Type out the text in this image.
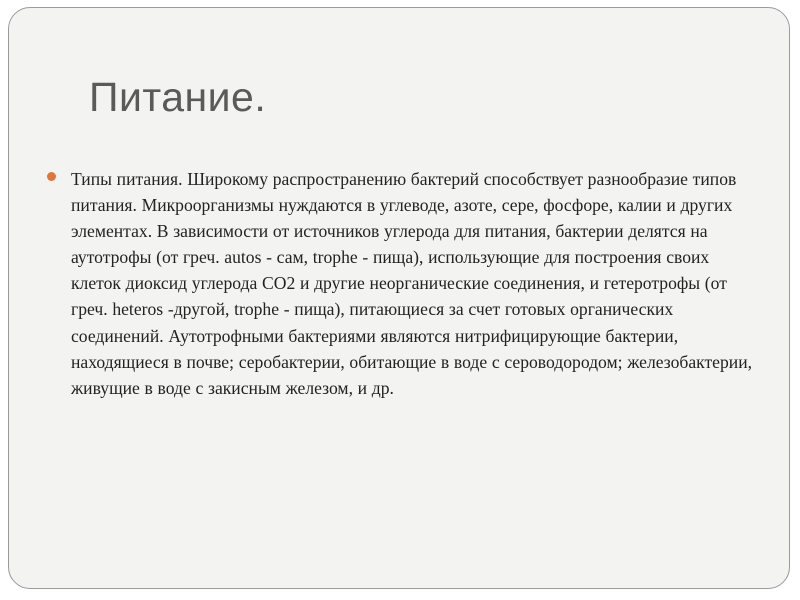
Питание.

Типы питания. Широкому распространению бактерий способствует разнообразие типов питания. Микроорганизмы нуждаются в углеводе, азоте, сере, фосфоре, калии и других элементах. В зависимости от источников углерода для питания, бактерии делятся на аутотрофы (от греч. autos - сам, trophe - пища), использующие для построения своих клеток диоксид углерода СО2 и другие неорганические соединения, и гетеротрофы (от греч. heteros -другой, trophe - пища), питающиеся за счет готовых органических соединений. Аутотрофными бактериями являются нитрифицирующие бактерии, находящиеся в почве; серобактерии, обитающие в воде с сероводородом; железобактерии, живущие в воде с закисным железом, и др.
